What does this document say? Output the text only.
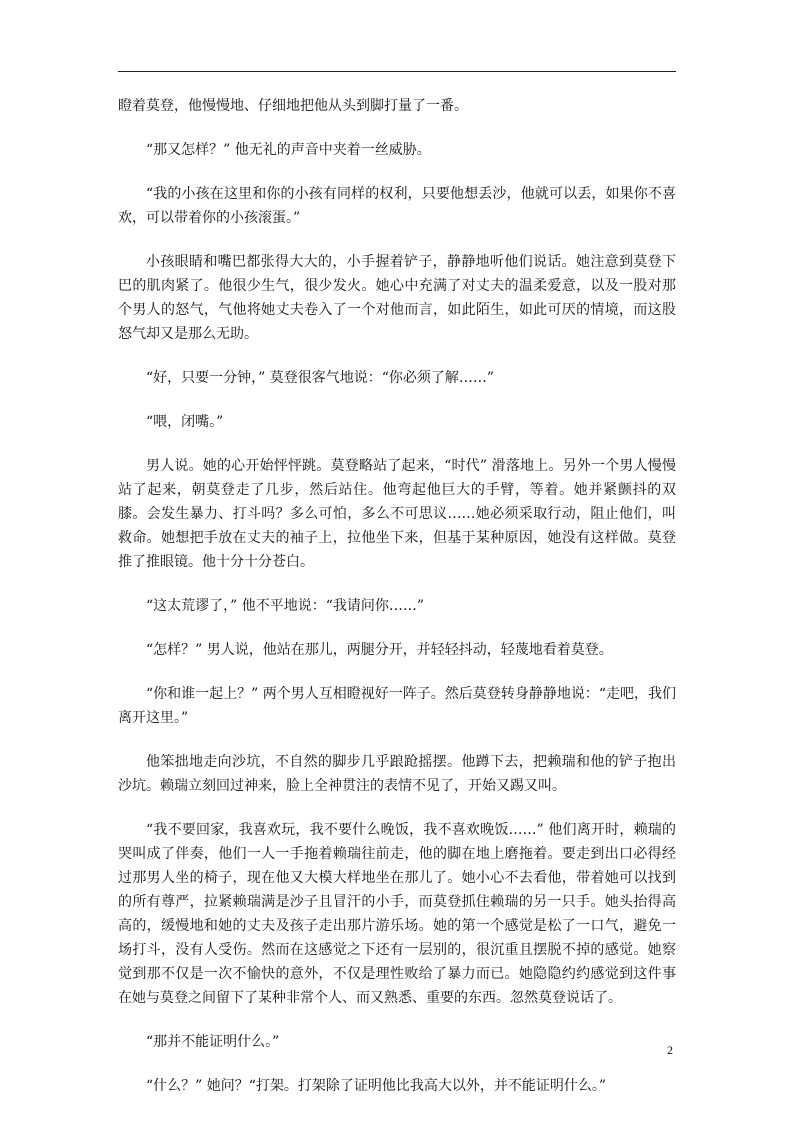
瞪着莫登，他慢慢地、仔细地把他从头到脚打量了一番。

“那又怎样？” 他无礼的声音中夹着一丝威胁。

“我的小孩在这里和你的小孩有同样的权利，只要他想丢沙，他就可以丢，如果你不喜欢，可以带着你的小孩滚蛋。”

小孩眼睛和嘴巴都张得大大的，小手握着铲子，静静地听他们说话。她注意到莫登下巴的肌肉紧了。他很少生气，很少发火。她心中充满了对丈夫的温柔爱意，以及一股对那个男人的怒气，气他将她丈夫卷入了一个对他而言，如此陌生，如此可厌的情境，而这股怒气却又是那么无助。

“好，只要一分钟，” 莫登很客气地说：“你必须了解……”

“喂，闭嘴。”

男人说。她的心开始怦怦跳。莫登略站了起来，“时代” 滑落地上。另外一个男人慢慢站了起来，朝莫登走了几步，然后站住。他弯起他巨大的手臂，等着。她并紧颤抖的双膝。会发生暴力、打斗吗？多么可怕，多么不可思议……她必须采取行动，阻止他们，叫救命。她想把手放在丈夫的袖子上，拉他坐下来，但基于某种原因，她没有这样做。莫登推了推眼镜。他十分十分苍白。

“这太荒谬了，” 他不平地说：“我请问你……”

“怎样？” 男人说，他站在那儿，两腿分开，并轻轻抖动，轻蔑地看着莫登。

“你和谁一起上？” 两个男人互相瞪视好一阵子。然后莫登转身静静地说：“走吧，我们离开这里。”

他笨拙地走向沙坑，不自然的脚步几乎踉跄摇摆。他蹲下去，把赖瑞和他的铲子抱出沙坑。赖瑞立刻回过神来，脸上全神贯注的表情不见了，开始又踢又叫。

“我不要回家，我喜欢玩，我不要什么晚饭，我不喜欢晚饭……” 他们离开时，赖瑞的哭叫成了伴奏，他们一人一手拖着赖瑞往前走，他的脚在地上磨拖着。要走到出口必得经过那男人坐的椅子，现在他又大模大样地坐在那儿了。她小心不去看他，带着她可以找到的所有尊严，拉紧赖瑞满是沙子且冒汗的小手，而莫登抓住赖瑞的另一只手。她头抬得高高的，缓慢地和她的丈夫及孩子走出那片游乐场。她的第一个感觉是松了一口气，避免一场打斗，没有人受伤。然而在这感觉之下还有一层别的，很沉重且摆脱不掉的感觉。她察觉到那不仅是一次不愉快的意外，不仅是理性败给了暴力而已。她隐隐约约感觉到这件事在她与莫登之间留下了某种非常个人、而又熟悉、重要的东西。忽然莫登说话了。

“那并不能证明什么。”

“什么？” 她问？“打架。打架除了证明他比我高大以外，并不能证明什么。”

2
